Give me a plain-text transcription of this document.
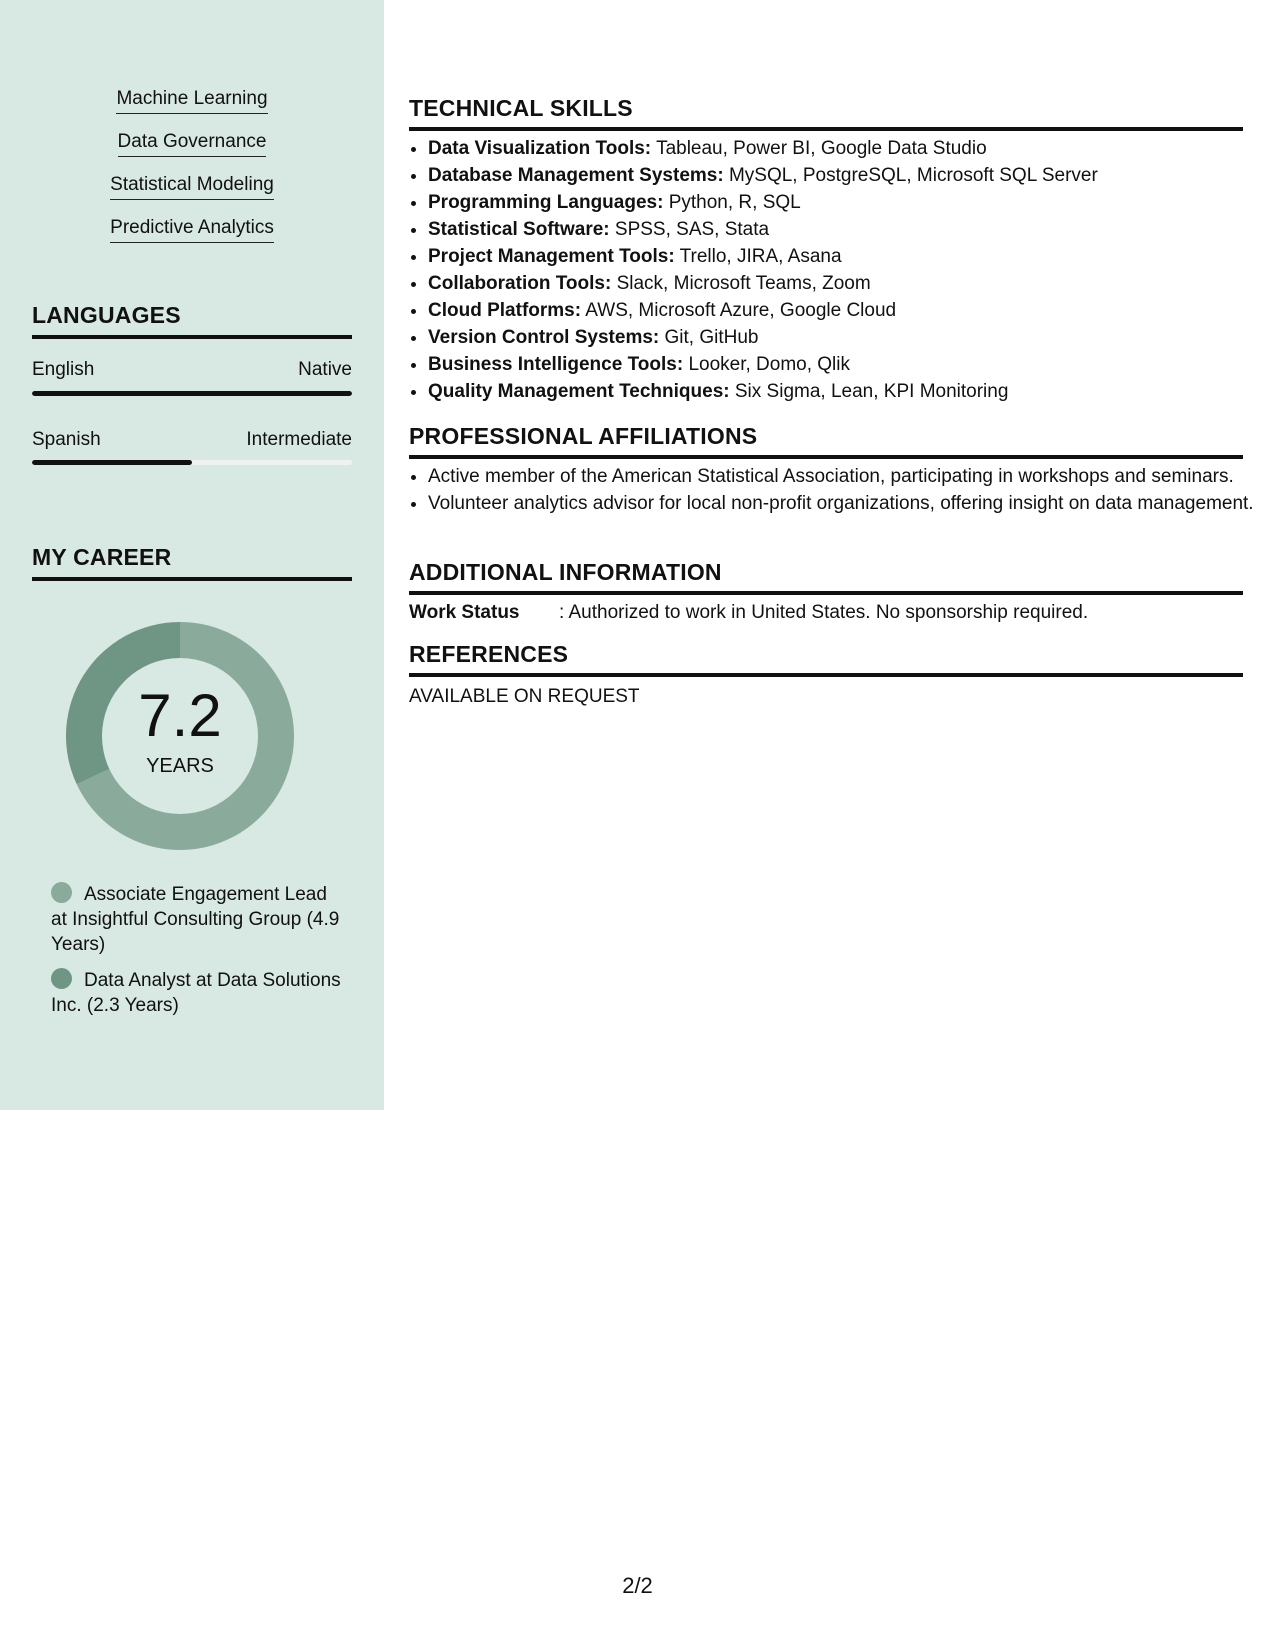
Machine Learning
Data Governance
Statistical Modeling
Predictive Analytics
LANGUAGES
English	Native
Spanish	Intermediate
MY CAREER
7.2
YEARS
Associate Engagement Lead at Insightful Consulting Group (4.9 Years)
Data Analyst at Data Solutions Inc. (2.3 Years)
TECHNICAL SKILLS
• Data Visualization Tools: Tableau, Power BI, Google Data Studio
• Database Management Systems: MySQL, PostgreSQL, Microsoft SQL Server
• Programming Languages: Python, R, SQL
• Statistical Software: SPSS, SAS, Stata
• Project Management Tools: Trello, JIRA, Asana
• Collaboration Tools: Slack, Microsoft Teams, Zoom
• Cloud Platforms: AWS, Microsoft Azure, Google Cloud
• Version Control Systems: Git, GitHub
• Business Intelligence Tools: Looker, Domo, Qlik
• Quality Management Techniques: Six Sigma, Lean, KPI Monitoring
PROFESSIONAL AFFILIATIONS
• Active member of the American Statistical Association, participating in workshops and seminars.
• Volunteer analytics advisor for local non-profit organizations, offering insight on data management.
ADDITIONAL INFORMATION
Work Status : Authorized to work in United States. No sponsorship required.
REFERENCES
AVAILABLE ON REQUEST
2/2
